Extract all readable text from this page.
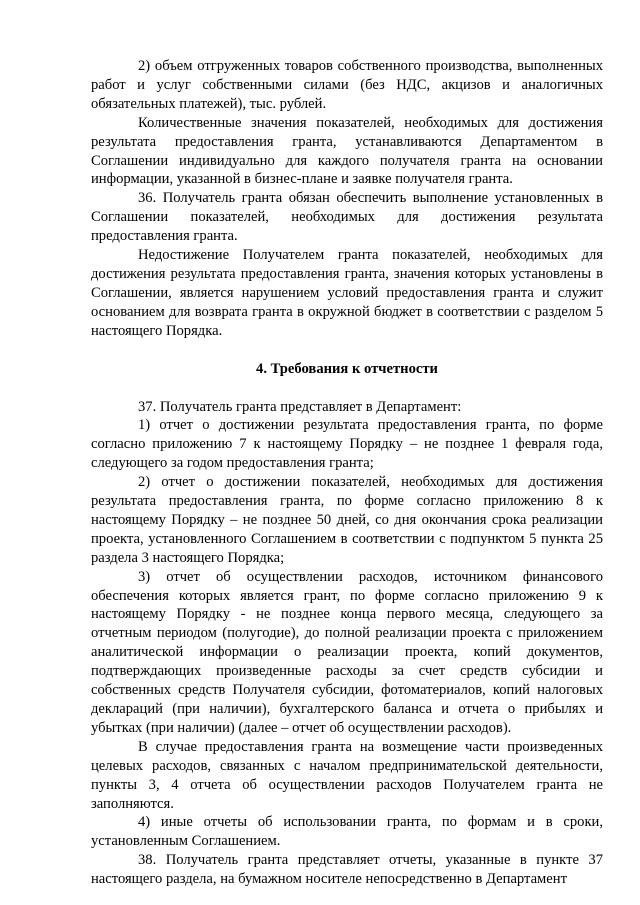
2) объем отгруженных товаров собственного производства, выполненных работ и услуг собственными силами (без НДС, акцизов и аналогичных обязательных платежей), тыс. рублей.

Количественные значения показателей, необходимых для достижения результата предоставления гранта, устанавливаются Департаментом в Соглашении индивидуально для каждого получателя гранта на основании информации, указанной в бизнес-плане и заявке получателя гранта.

36. Получатель гранта обязан обеспечить выполнение установленных в Соглашении показателей, необходимых для достижения результата предоставления гранта.

Недостижение Получателем гранта показателей, необходимых для достижения результата предоставления гранта, значения которых установлены в Соглашении, является нарушением условий предоставления гранта и служит основанием для возврата гранта в окружной бюджет в соответствии с разделом 5 настоящего Порядка.

4. Требования к отчетности

37. Получатель гранта представляет в Департамент:

1) отчет о достижении результата предоставления гранта, по форме согласно приложению 7 к настоящему Порядку – не позднее 1 февраля года, следующего за годом предоставления гранта;

2) отчет о достижении показателей, необходимых для достижения результата предоставления гранта, по форме согласно приложению 8 к настоящему Порядку – не позднее 50 дней, со дня окончания срока реализации проекта, установленного Соглашением в соответствии с подпунктом 5 пункта 25 раздела 3 настоящего Порядка;

3) отчет об осуществлении расходов, источником финансового обеспечения которых является грант, по форме согласно приложению 9 к настоящему Порядку - не позднее конца первого месяца, следующего за отчетным периодом (полугодие), до полной реализации проекта с приложением аналитической информации о реализации проекта, копий документов, подтверждающих произведенные расходы за счет средств субсидии и собственных средств Получателя субсидии, фотоматериалов, копий налоговых деклараций (при наличии), бухгалтерского баланса и отчета о прибылях и убытках (при наличии) (далее – отчет об осуществлении расходов).

В случае предоставления гранта на возмещение части произведенных целевых расходов, связанных с началом предпринимательской деятельности, пункты 3, 4 отчета об осуществлении расходов Получателем гранта не заполняются.

4) иные отчеты об использовании гранта, по формам и в сроки, установленным Соглашением.

38. Получатель гранта представляет отчеты, указанные в пункте 37 настоящего раздела, на бумажном носителе непосредственно в Департамент
